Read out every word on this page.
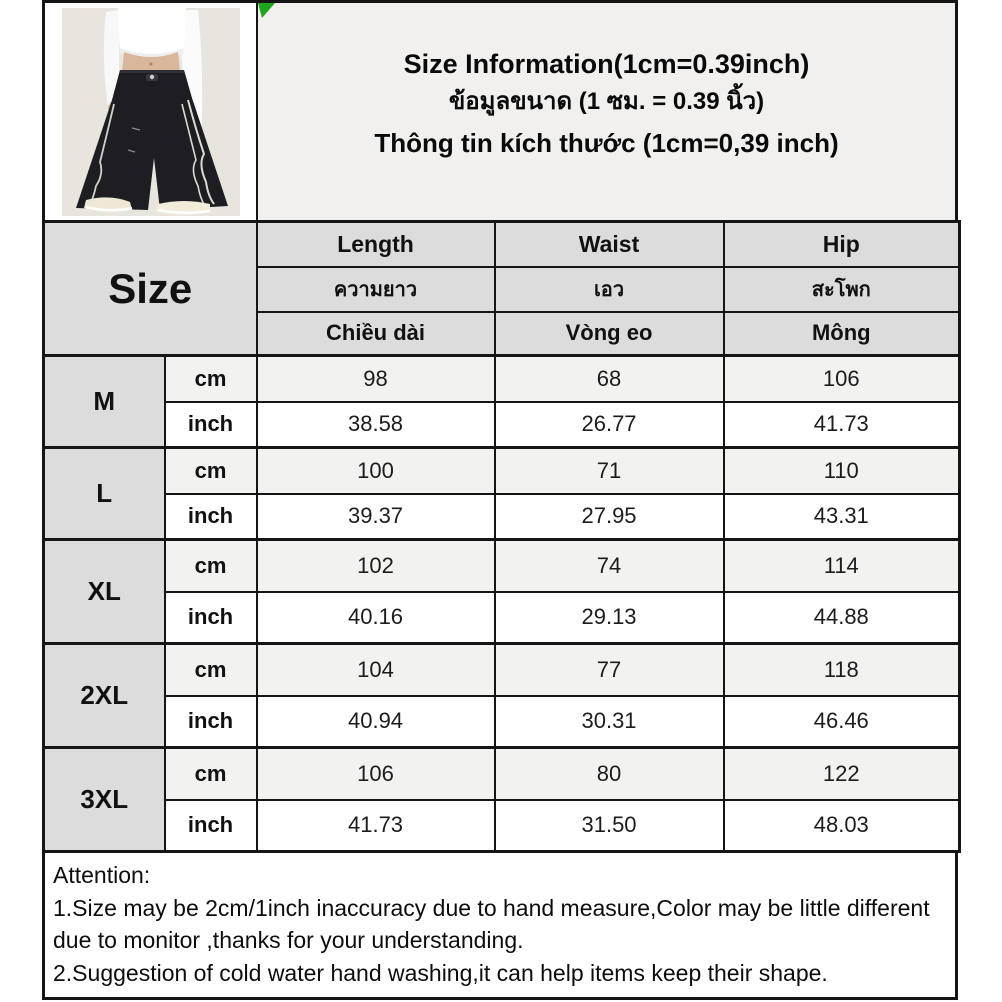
Size Information(1cm=0.39inch)
ข้อมูลขนาด (1 ซม. = 0.39 นิ้ว)
Thông tin kích thước (1cm=0,39 inch)
Size		Length	Waist	Hip
		ความยาว	เอว	สะโพก
		Chiều dài	Vòng eo	Mông
M	cm	98	68	106
	inch	38.58	26.77	41.73
L	cm	100	71	110
	inch	39.37	27.95	43.31
XL	cm	102	74	114
	inch	40.16	29.13	44.88
2XL	cm	104	77	118
	inch	40.94	30.31	46.46
3XL	cm	106	80	122
	inch	41.73	31.50	48.03
Attention:
1.Size may be 2cm/1inch inaccuracy due to hand measure,Color may be little different due to monitor ,thanks for your understanding.
2.Suggestion of cold water hand washing,it can help items keep their shape.
